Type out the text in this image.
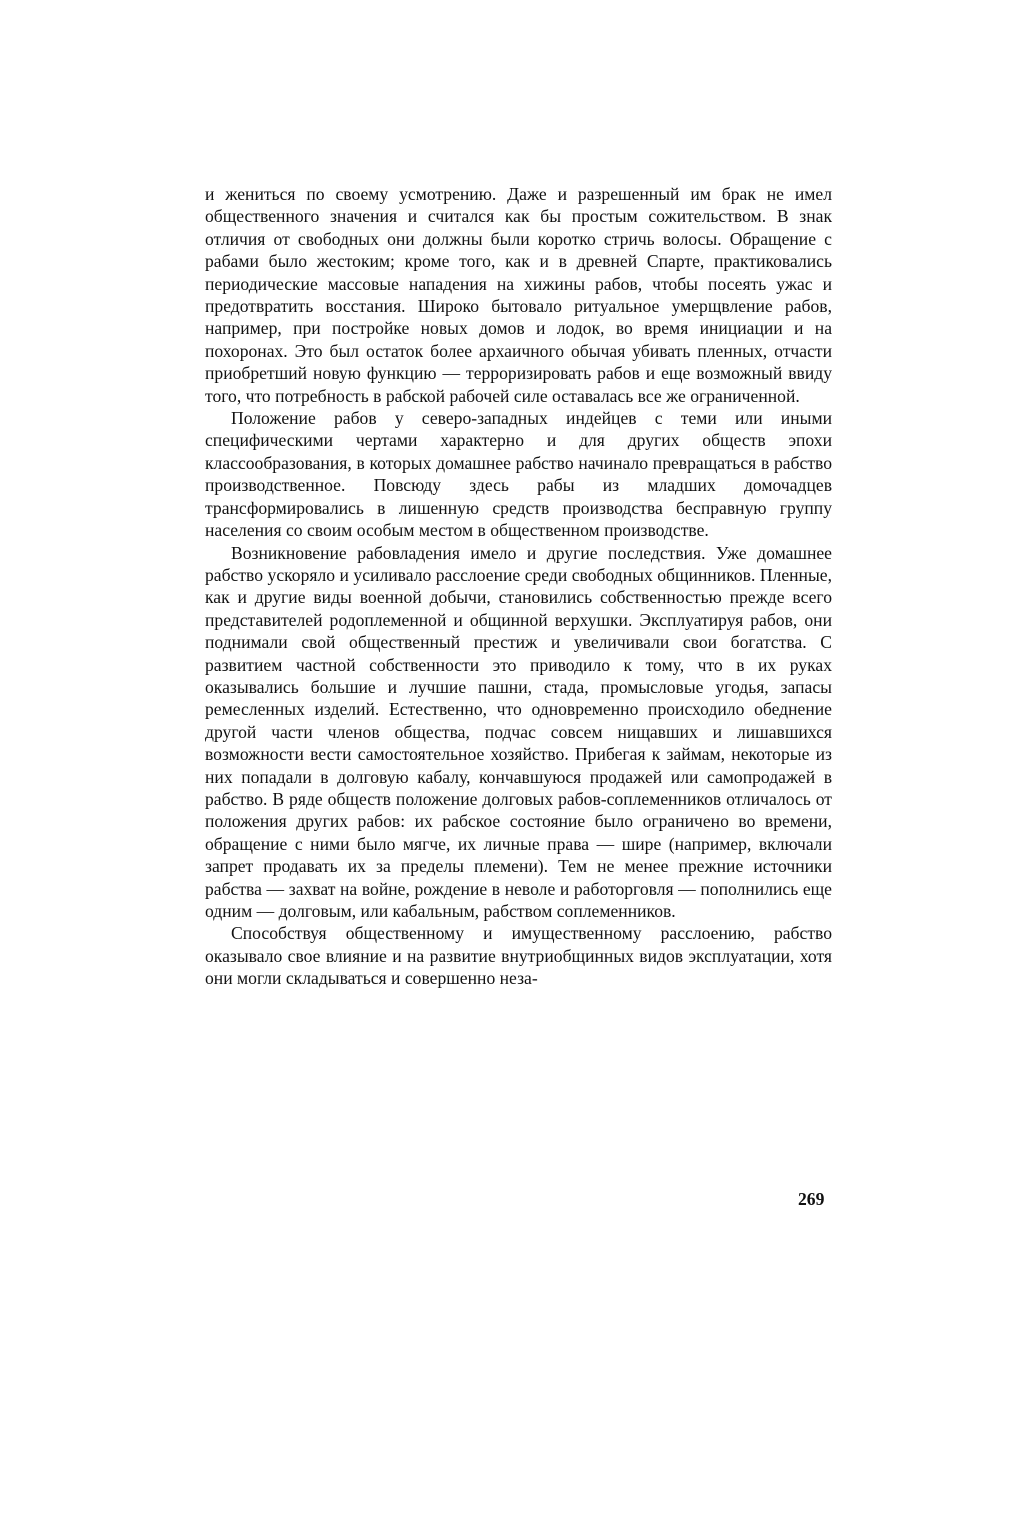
и жениться по своему усмотрению. Даже и разрешенный им брак не имел общественного значения и считался как бы простым сожительством. В знак отличия от свободных они должны были коротко стричь волосы. Обращение с рабами было жестоким; кроме того, как и в древней Спарте, практиковались периодические массовые нападения на хижины рабов, чтобы посеять ужас и предотвратить восстания. Широко бытовало ритуальное умерщвление рабов, например, при постройке новых домов и лодок, во время инициации и на похоронах. Это был остаток более архаичного обычая убивать пленных, отчасти приобретший новую функцию — терроризировать рабов и еще возможный ввиду того, что потребность в рабской рабочей силе оставалась все же ограниченной.

Положение рабов у северо-западных индейцев с теми или иными специфическими чертами характерно и для других обществ эпохи классообразования, в которых домашнее рабство начинало превращаться в рабство производственное. Повсюду здесь рабы из младших домочадцев трансформировались в лишенную средств производства бесправную группу населения со своим особым местом в общественном производстве.

Возникновение рабовладения имело и другие последствия. Уже домашнее рабство ускоряло и усиливало расслоение среди свободных общинников. Пленные, как и другие виды военной добычи, становились собственностью прежде всего представителей родоплеменной и общинной верхушки. Эксплуатируя рабов, они поднимали свой общественный престиж и увеличивали свои богатства. С развитием частной собственности это приводило к тому, что в их руках оказывались большие и лучшие пашни, стада, промысловые угодья, запасы ремесленных изделий. Естественно, что одновременно происходило обеднение другой части членов общества, подчас совсем нищавших и лишавшихся возможности вести самостоятельное хозяйство. Прибегая к займам, некоторые из них попадали в долговую кабалу, кончавшуюся продажей или самопродажей в рабство. В ряде обществ положение долговых рабов-соплеменников отличалось от положения других рабов: их рабское состояние было ограничено во времени, обращение с ними было мягче, их личные права — шире (например, включали запрет продавать их за пределы племени). Тем не менее прежние источники рабства — захват на войне, рождение в неволе и работорговля — пополнились еще одним — долговым, или кабальным, рабством соплеменников.

Способствуя общественному и имущественному расслоению, рабство оказывало свое влияние и на развитие внутриобщинных видов эксплуатации, хотя они могли складываться и совершенно неза-

269
